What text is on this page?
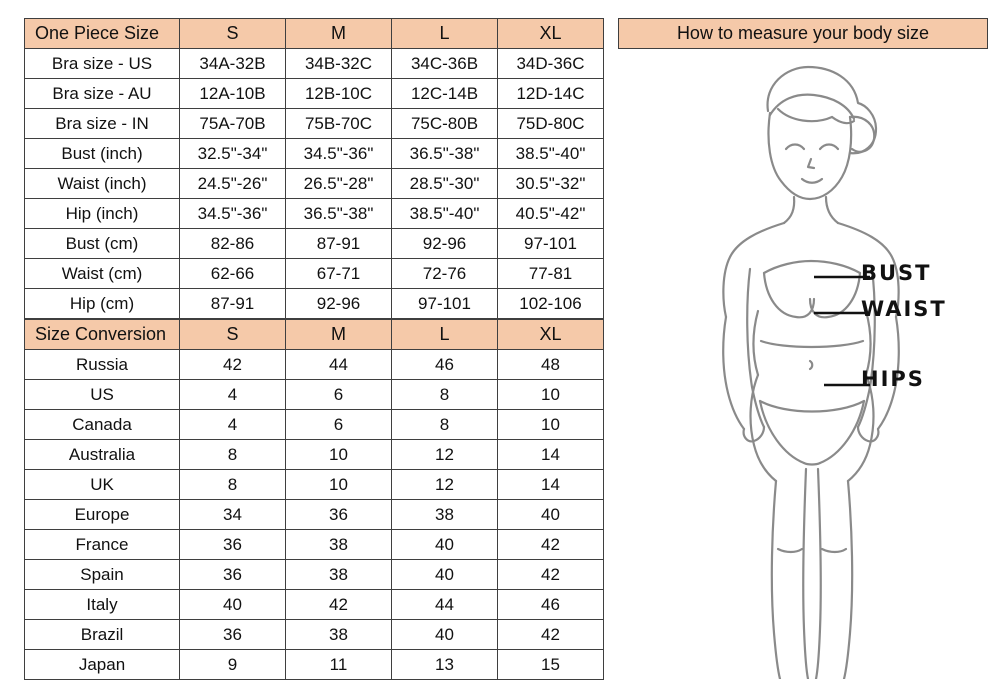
One Piece Size	S	M	L	XL
Bra size - US	34A-32B	34B-32C	34C-36B	34D-36C
Bra size - AU	12A-10B	12B-10C	12C-14B	12D-14C
Bra size - IN	75A-70B	75B-70C	75C-80B	75D-80C
Bust (inch)	32.5"-34"	34.5"-36"	36.5"-38"	38.5"-40"
Waist (inch)	24.5"-26"	26.5"-28"	28.5"-30"	30.5"-32"
Hip (inch)	34.5"-36"	36.5"-38"	38.5"-40"	40.5"-42"
Bust (cm)	82-86	87-91	92-96	97-101
Waist (cm)	62-66	67-71	72-76	77-81
Hip (cm)	87-91	92-96	97-101	102-106
Size Conversion	S	M	L	XL
Russia	42	44	46	48
US	4	6	8	10
Canada	4	6	8	10
Australia	8	10	12	14
UK	8	10	12	14
Europe	34	36	38	40
France	36	38	40	42
Spain	36	38	40	42
Italy	40	42	44	46
Brazil	36	38	40	42
Japan	9	11	13	15
How to measure your body size
BUST
WAIST
HIPS
